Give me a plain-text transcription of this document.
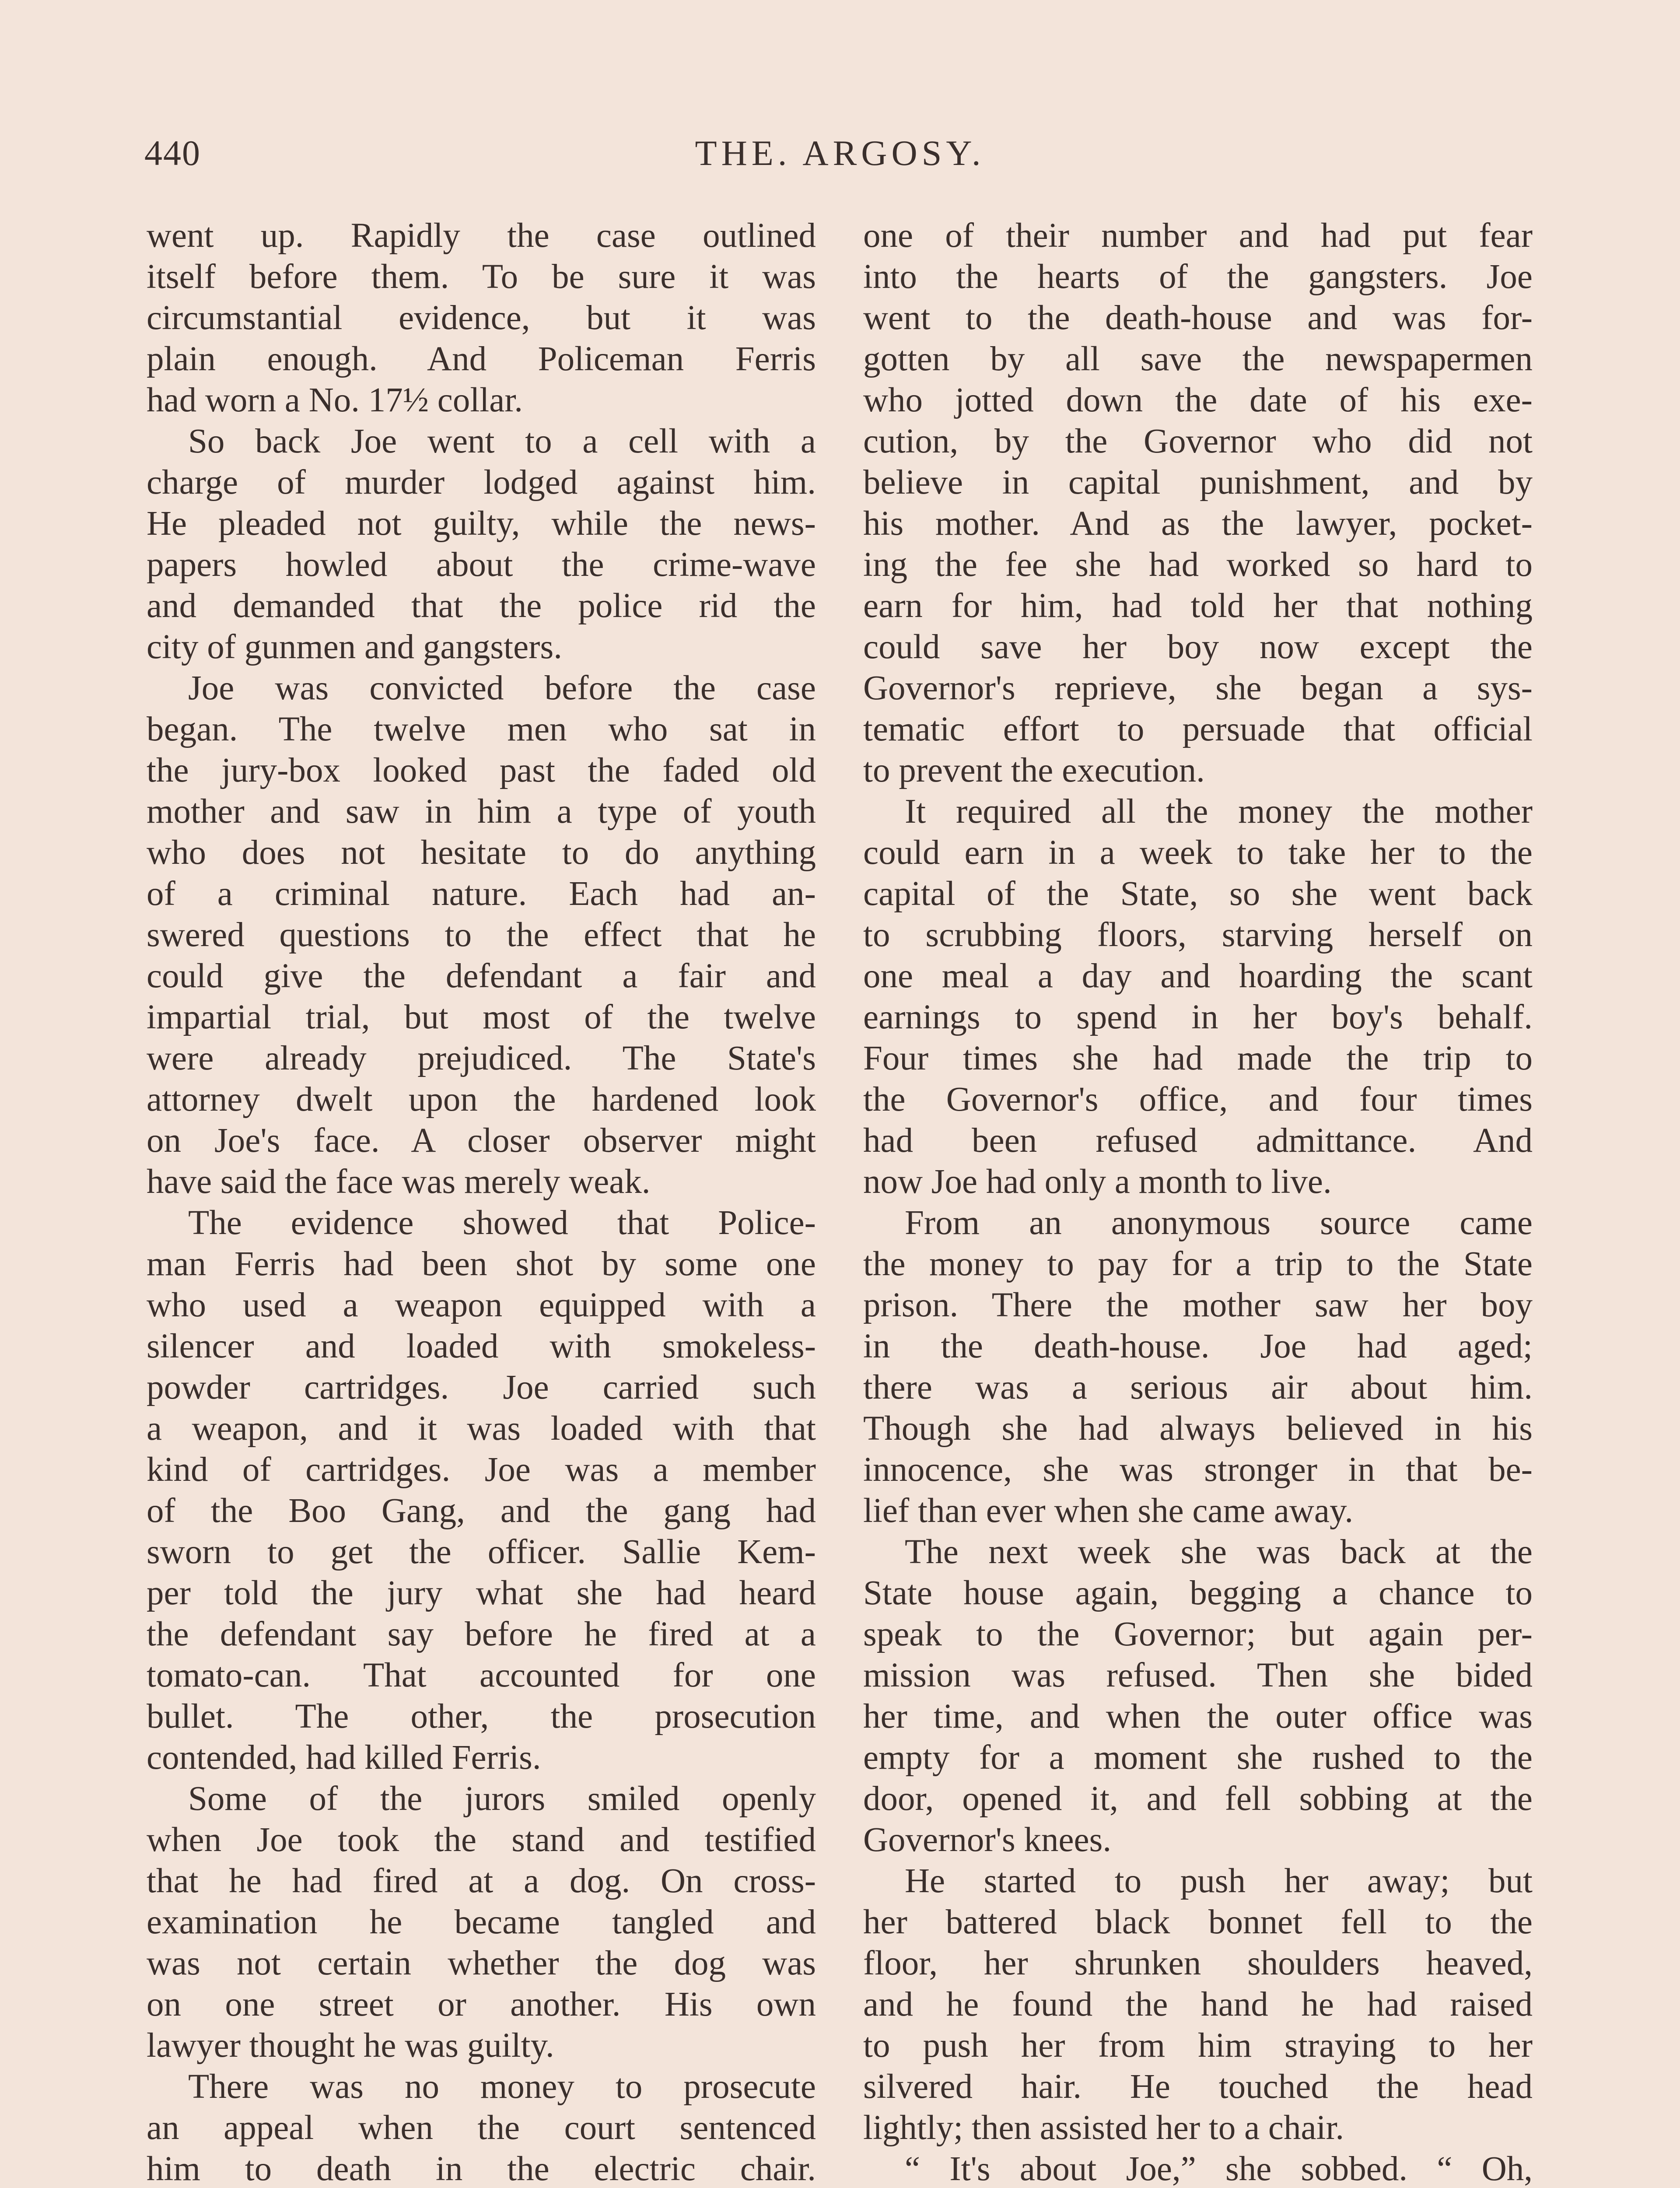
440	THE. ARGOSY.
went up. Rapidly the case outlined
itself before them. To be sure it was
circumstantial evidence, but it was
plain enough. And Policeman Ferris
had worn a No. 17½ collar.
So back Joe went to a cell with a
charge of murder lodged against him.
He pleaded not guilty, while the news-
papers howled about the crime-wave
and demanded that the police rid the
city of gunmen and gangsters.
Joe was convicted before the case
began. The twelve men who sat in
the jury-box looked past the faded old
mother and saw in him a type of youth
who does not hesitate to do anything
of a criminal nature. Each had an-
swered questions to the effect that he
could give the defendant a fair and
impartial trial, but most of the twelve
were already prejudiced. The State's
attorney dwelt upon the hardened look
on Joe's face. A closer observer might
have said the face was merely weak.
The evidence showed that Police-
man Ferris had been shot by some one
who used a weapon equipped with a
silencer and loaded with smokeless-
powder cartridges. Joe carried such
a weapon, and it was loaded with that
kind of cartridges. Joe was a member
of the Boo Gang, and the gang had
sworn to get the officer. Sallie Kem-
per told the jury what she had heard
the defendant say before he fired at a
tomato-can. That accounted for one
bullet. The other, the prosecution
contended, had killed Ferris.
Some of the jurors smiled openly
when Joe took the stand and testified
that he had fired at a dog. On cross-
examination he became tangled and
was not certain whether the dog was
on one street or another. His own
lawyer thought he was guilty.
There was no money to prosecute
an appeal when the court sentenced
him to death in the electric chair.
one of their number and had put fear
into the hearts of the gangsters. Joe
went to the death-house and was for-
gotten by all save the newspapermen
who jotted down the date of his exe-
cution, by the Governor who did not
believe in capital punishment, and by
his mother. And as the lawyer, pocket-
ing the fee she had worked so hard to
earn for him, had told her that nothing
could save her boy now except the
Governor's reprieve, she began a sys-
tematic effort to persuade that official
to prevent the execution.
It required all the money the mother
could earn in a week to take her to the
capital of the State, so she went back
to scrubbing floors, starving herself on
one meal a day and hoarding the scant
earnings to spend in her boy's behalf.
Four times she had made the trip to
the Governor's office, and four times
had been refused admittance. And
now Joe had only a month to live.
From an anonymous source came
the money to pay for a trip to the State
prison. There the mother saw her boy
in the death-house. Joe had aged;
there was a serious air about him.
Though she had always believed in his
innocence, she was stronger in that be-
lief than ever when she came away.
The next week she was back at the
State house again, begging a chance to
speak to the Governor; but again per-
mission was refused. Then she bided
her time, and when the outer office was
empty for a moment she rushed to the
door, opened it, and fell sobbing at the
Governor's knees.
He started to push her away; but
her battered black bonnet fell to the
floor, her shrunken shoulders heaved,
and he found the hand he had raised
to push her from him straying to her
silvered hair. He touched the head
lightly; then assisted her to a chair.
“ It's about Joe,” she sobbed. “ Oh,
